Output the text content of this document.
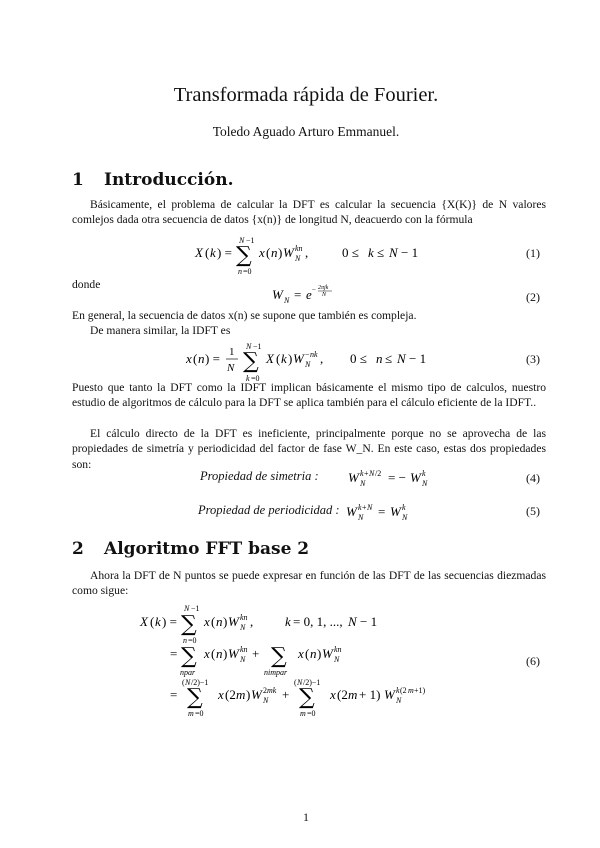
Transformada rápida de Fourier.
Toledo Aguado Arturo Emmanuel.
1 Introducción.
Básicamente, el problema de calcular la DFT es calcular la secuencia {X(K)} de N valores comlejos dada otra secuencia de datos {x(n)} de longitud N, deacuerdo con la fórmula
X ( k ) =
N −1
∑
n =0
x ( n ) W kn
N ,	0 ≤ k ≤ N − 1	(1)
donde
W N = e − 2πjk
N	(2)
En general, la secuencia de datos x(n) se supone que también es compleja.
De manera similar, la IDFT es
x ( n ) = 1
N
N −1
∑
k =0
X ( k ) W − nk
N , 0 ≤ n ≤ N − 1	(3)
Puesto que tanto la DFT como la IDFT implican básicamente el mismo tipo de calculos, nuestro estudio de algoritmos de cálculo para la DFT se aplica también para el cálculo eficiente de la IDFT..
El cálculo directo de la DFT es ineficiente, principalmente porque no se aprovecha de las propiedades de simetría y periodicidad del factor de fase W_N. En este caso, estas dos propiedades son:
Propiedad de simetria : W k + N /2
N = − W k
N	(4)
Propiedad de periodicidad : W k + N
N = W k
N	(5)
2 Algoritmo FFT base 2
Ahora la DFT de N puntos se puede expresar en función de las DFT de las secuencias diezmadas como sigue:
X ( k ) =
N −1
∑
n =0
x ( n ) W kn
N , k = 0, 1, ..., N − 1
= ∑
npar
x ( n ) W kn
N + ∑
nimpar
x ( n ) W kn
N
=
( N /2)−1
∑
m =0
x (2 m ) W 2 mk
N +
( N /2)−1
∑
m =0
x (2 m + 1) W k (2 m +1)
N
(6)
1
